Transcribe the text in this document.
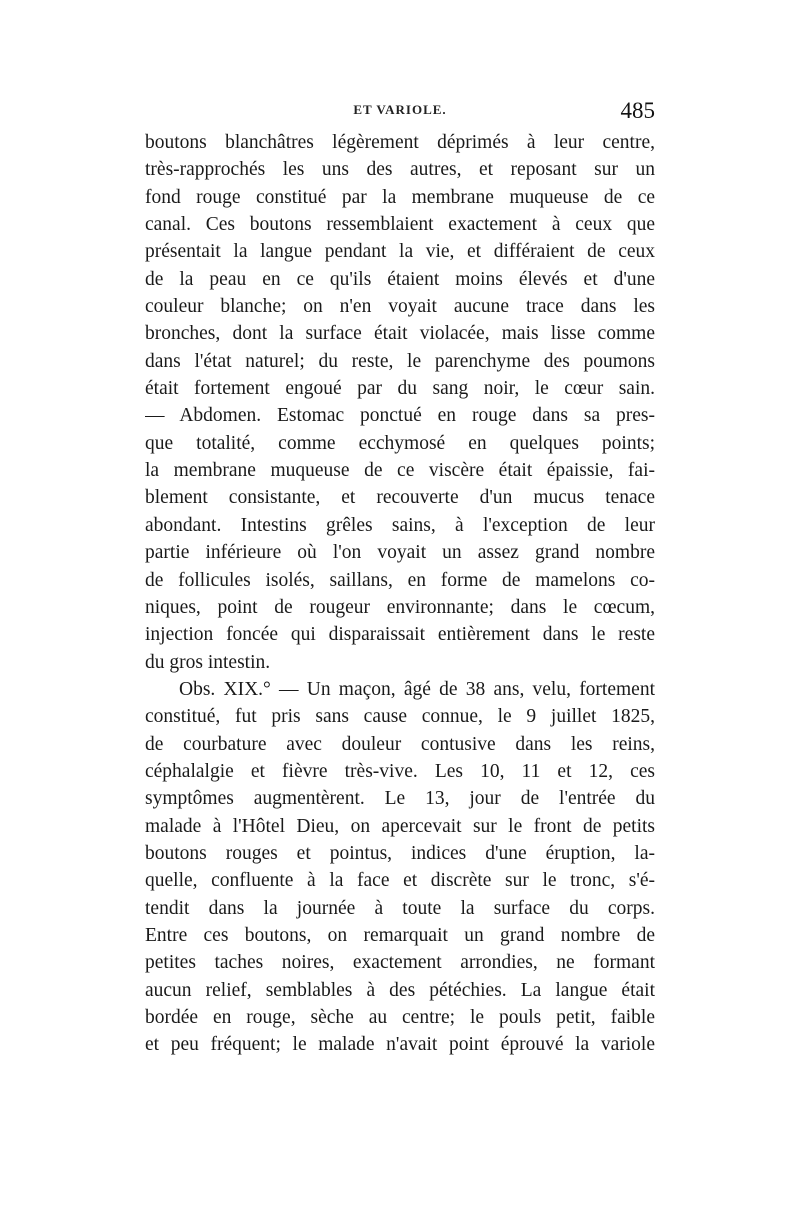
ET VARIOLE.	485
boutons blanchâtres légèrement déprimés à leur centre,
très-rapprochés les uns des autres, et reposant sur un
fond rouge constitué par la membrane muqueuse de ce
canal. Ces boutons ressemblaient exactement à ceux que
présentait la langue pendant la vie, et différaient de ceux
de la peau en ce qu'ils étaient moins élevés et d'une
couleur blanche; on n'en voyait aucune trace dans les
bronches, dont la surface était violacée, mais lisse comme
dans l'état naturel; du reste, le parenchyme des poumons
était fortement engoué par du sang noir, le cœur sain.
— Abdomen. Estomac ponctué en rouge dans sa pres-
que totalité, comme ecchymosé en quelques points;
la membrane muqueuse de ce viscère était épaissie, fai-
blement consistante, et recouverte d'un mucus tenace
abondant. Intestins grêles sains, à l'exception de leur
partie inférieure où l'on voyait un assez grand nombre
de follicules isolés, saillans, en forme de mamelons co-
niques, point de rougeur environnante; dans le cœcum,
injection foncée qui disparaissait entièrement dans le reste
du gros intestin.
Obs. XIX.° — Un maçon, âgé de 38 ans, velu, fortement
constitué, fut pris sans cause connue, le 9 juillet 1825,
de courbature avec douleur contusive dans les reins,
céphalalgie et fièvre très-vive. Les 10, 11 et 12, ces
symptômes augmentèrent. Le 13, jour de l'entrée du
malade à l'Hôtel Dieu, on apercevait sur le front de petits
boutons rouges et pointus, indices d'une éruption, la-
quelle, confluente à la face et discrète sur le tronc, s'é-
tendit dans la journée à toute la surface du corps.
Entre ces boutons, on remarquait un grand nombre de
petites taches noires, exactement arrondies, ne formant
aucun relief, semblables à des pétéchies. La langue était
bordée en rouge, sèche au centre; le pouls petit, faible
et peu fréquent; le malade n'avait point éprouvé la variole
